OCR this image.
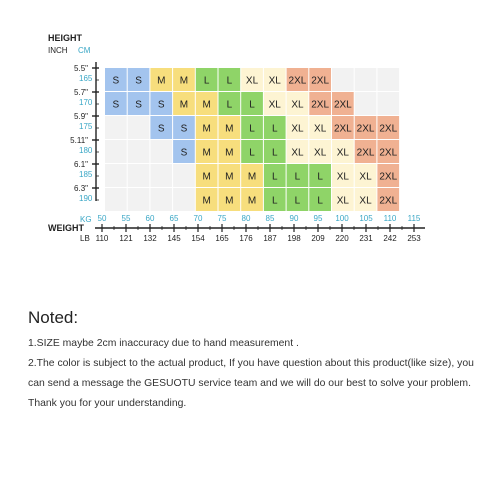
HEIGHT
INCH CM
S S M M L L XL XL 2XL 2XL
S S S M M L L XL XL 2XL 2XL
S S M M L L XL XL 2XL 2XL 2XL
S M M L L XL XL XL 2XL 2XL
M M M L L L XL XL 2XL
M M M L L L XL XL 2XL
5.5"
165
5.7"
170
5.9"
175
5.11"
180
6.1"
185
6.3"
190
50
110
55
121
60
132
65
145
70
154
75
165
80
176
85
187
90
198
95
209
100
220
105
231
110
242
115
253
KG
WEIGHT
LB
Noted:

1.SIZE maybe 2cm inaccuracy due to hand measurement .

2.The color is subject to the actual product, If you have question about this product(like size), you can send a message the GESUOTU service team and we will do our best to solve your problem. Thank you for your understanding.
